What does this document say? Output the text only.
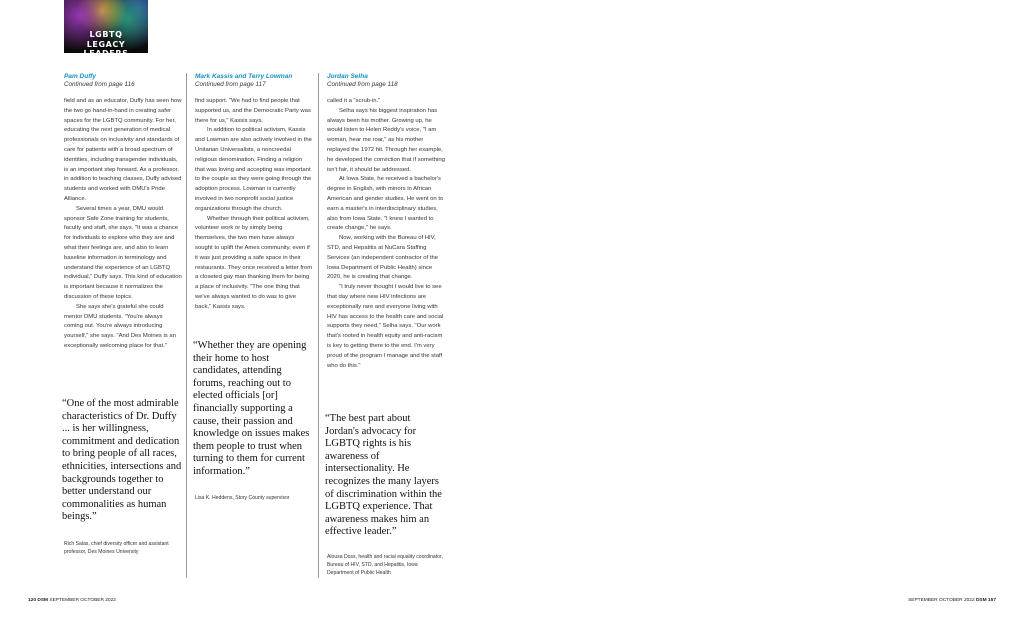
LGBTQ
LEGACY LEADERS
Pam Duffy
Continued from page 116

field and as an educator, Duffy has seen how the two go hand-in-hand in creating safer spaces for the LGBTQ community. For her, educating the next generation of medical professionals on inclusivity and standards of care for patients with a broad spectrum of identities, including transgender individuals, is an important step forward. As a professor, in addition to teaching classes, Duffy advised students and worked with DMU's Pride Alliance.

Several times a year, DMU would sponsor Safe Zone training for students, faculty and staff, she says. "It was a chance for individuals to explore who they are and what their feelings are, and also to learn baseline information in terminology and understand the experience of an LGBTQ individual," Duffy says. This kind of education is important because it normalizes the discussion of these topics.

She says she's grateful she could mentor DMU students. "You're always coming out. You're always introducing yourself," she says. "And Des Moines is an exceptionally welcoming place for that."

“One of the most admirable characteristics of Dr. Duffy ... is her willingness, commitment and dedication to bring people of all races, ethnicities, intersections and backgrounds together to better understand our commonalities as human beings.”

Rich Salas, chief diversity officer and assistant professor, Des Moines University

Mark Kassis and Terry Lowman
Continued from page 117

find support. "We had to find people that supported us, and the Democratic Party was there for us," Kassis says.

In addition to political activism, Kassis and Lowman are also actively involved in the Unitarian Universalists, a noncreedal religious denomination. Finding a religion that was loving and accepting was important to the couple as they were going through the adoption process. Lowman is currently involved in two nonprofit social justice organizations through the church.

Whether through their political activism, volunteer work or by simply being themselves, the two men have always sought to uplift the Ames community, even if it was just providing a safe space in their restaurants. They once received a letter from a closeted gay man thanking them for being a place of inclusivity. "The one thing that we've always wanted to do was to give back," Kassis says.

“Whether they are opening their home to host candidates, attending forums, reaching out to elected officials [or] financially supporting a cause, their passion and knowledge on issues makes them people to trust when turning to them for current information.”

Lisa K. Heddens, Story County supervisor

Jordan Selha
Continued from page 118

called it a "scrub-in."

Selha says his biggest inspiration has always been his mother. Growing up, he would listen to Helen Reddy's voice, "I am woman, hear me roar," as his mother replayed the 1972 hit. Through her example, he developed the conviction that if something isn't fair, it should be addressed.

At Iowa State, he received a bachelor's degree in English, with minors in African American and gender studies. He went on to earn a master's in interdisciplinary studies, also from Iowa State. "I knew I wanted to create change," he says.

Now, working with the Bureau of HIV, STD, and Hepatitis at NuCara Staffing Services (an independent contractor of the Iowa Department of Public Health) since 2020, he is creating that change.

"I truly never thought I would live to see that day where new HIV infections are exceptionally rare and everyone living with HIV has access to the health care and social supports they need," Selha says. "Our work that's rooted in health equity and anti-racism is key to getting there to the end. I'm very proud of the program I manage and the staff who do this."

“The best part about Jordan's advocacy for LGBTQ rights is his awareness of intersectionality. He recognizes the many layers of discrimination within the LGBTQ experience. That awareness makes him an effective leader.”

Alousa Doss, health and racial equality coordinator, Bureau of HIV, STD, and Hepatitis, Iowa Department of Public Health

120 DSM SEPTEMBER OCTOBER 2022	SEPTEMBER OCTOBER 2022 DSM 157
